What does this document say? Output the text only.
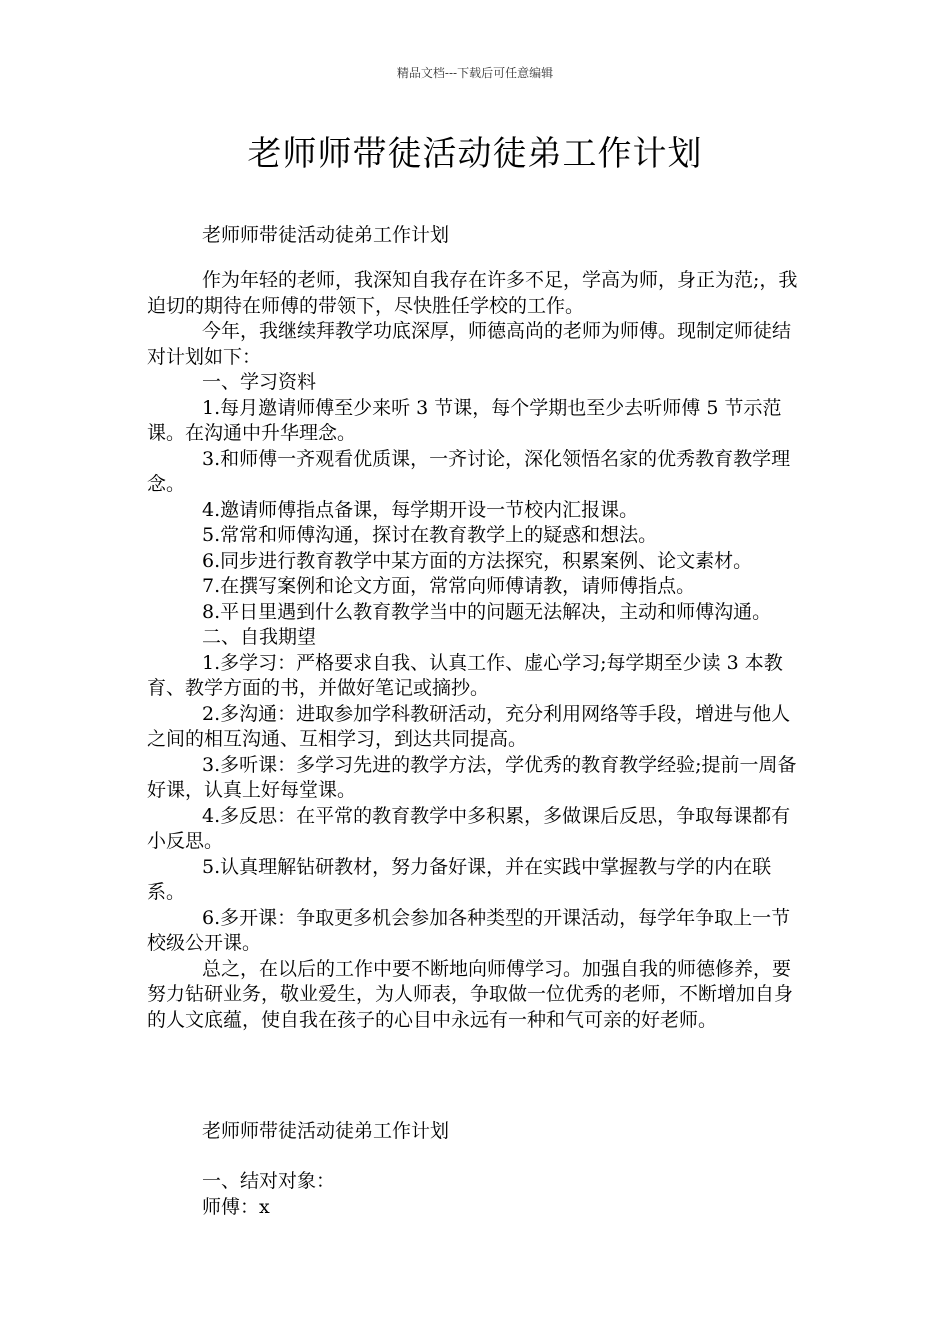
精品文档---下载后可任意编辑
老师师带徒活动徒弟工作计划

老师师带徒活动徒弟工作计划

作为年轻的老师，我深知自我存在许多不足，学高为师，身正为范;，我迫切的期待在师傅的带领下，尽快胜任学校的工作。

今年，我继续拜教学功底深厚，师德高尚的老师为师傅。现制定师徒结对计划如下：

一、学习资料

1.每月邀请师傅至少来听 3 节课，每个学期也至少去听师傅 5 节示范课。在沟通中升华理念。

3.和师傅一齐观看优质课，一齐讨论，深化领悟名家的优秀教育教学理念。

4.邀请师傅指点备课，每学期开设一节校内汇报课。

5.常常和师傅沟通，探讨在教育教学上的疑惑和想法。

6.同步进行教育教学中某方面的方法探究，积累案例、论文素材。

7.在撰写案例和论文方面，常常向师傅请教，请师傅指点。

8.平日里遇到什么教育教学当中的问题无法解决，主动和师傅沟通。

二、自我期望

1.多学习：严格要求自我、认真工作、虚心学习;每学期至少读 3 本教育、教学方面的书，并做好笔记或摘抄。

2.多沟通：进取参加学科教研活动，充分利用网络等手段，增进与他人之间的相互沟通、互相学习，到达共同提高。

3.多听课：多学习先进的教学方法，学优秀的教育教学经验;提前一周备好课，认真上好每堂课。

4.多反思：在平常的教育教学中多积累，多做课后反思，争取每课都有小反思。

5.认真理解钻研教材，努力备好课，并在实践中掌握教与学的内在联系。

6.多开课：争取更多机会参加各种类型的开课活动，每学年争取上一节校级公开课。

总之，在以后的工作中要不断地向师傅学习。加强自我的师德修养，要努力钻研业务，敬业爱生，为人师表，争取做一位优秀的老师，不断增加自身的人文底蕴，使自我在孩子的心目中永远有一种和气可亲的好老师。

老师师带徒活动徒弟工作计划

一、结对对象：

师傅：x
